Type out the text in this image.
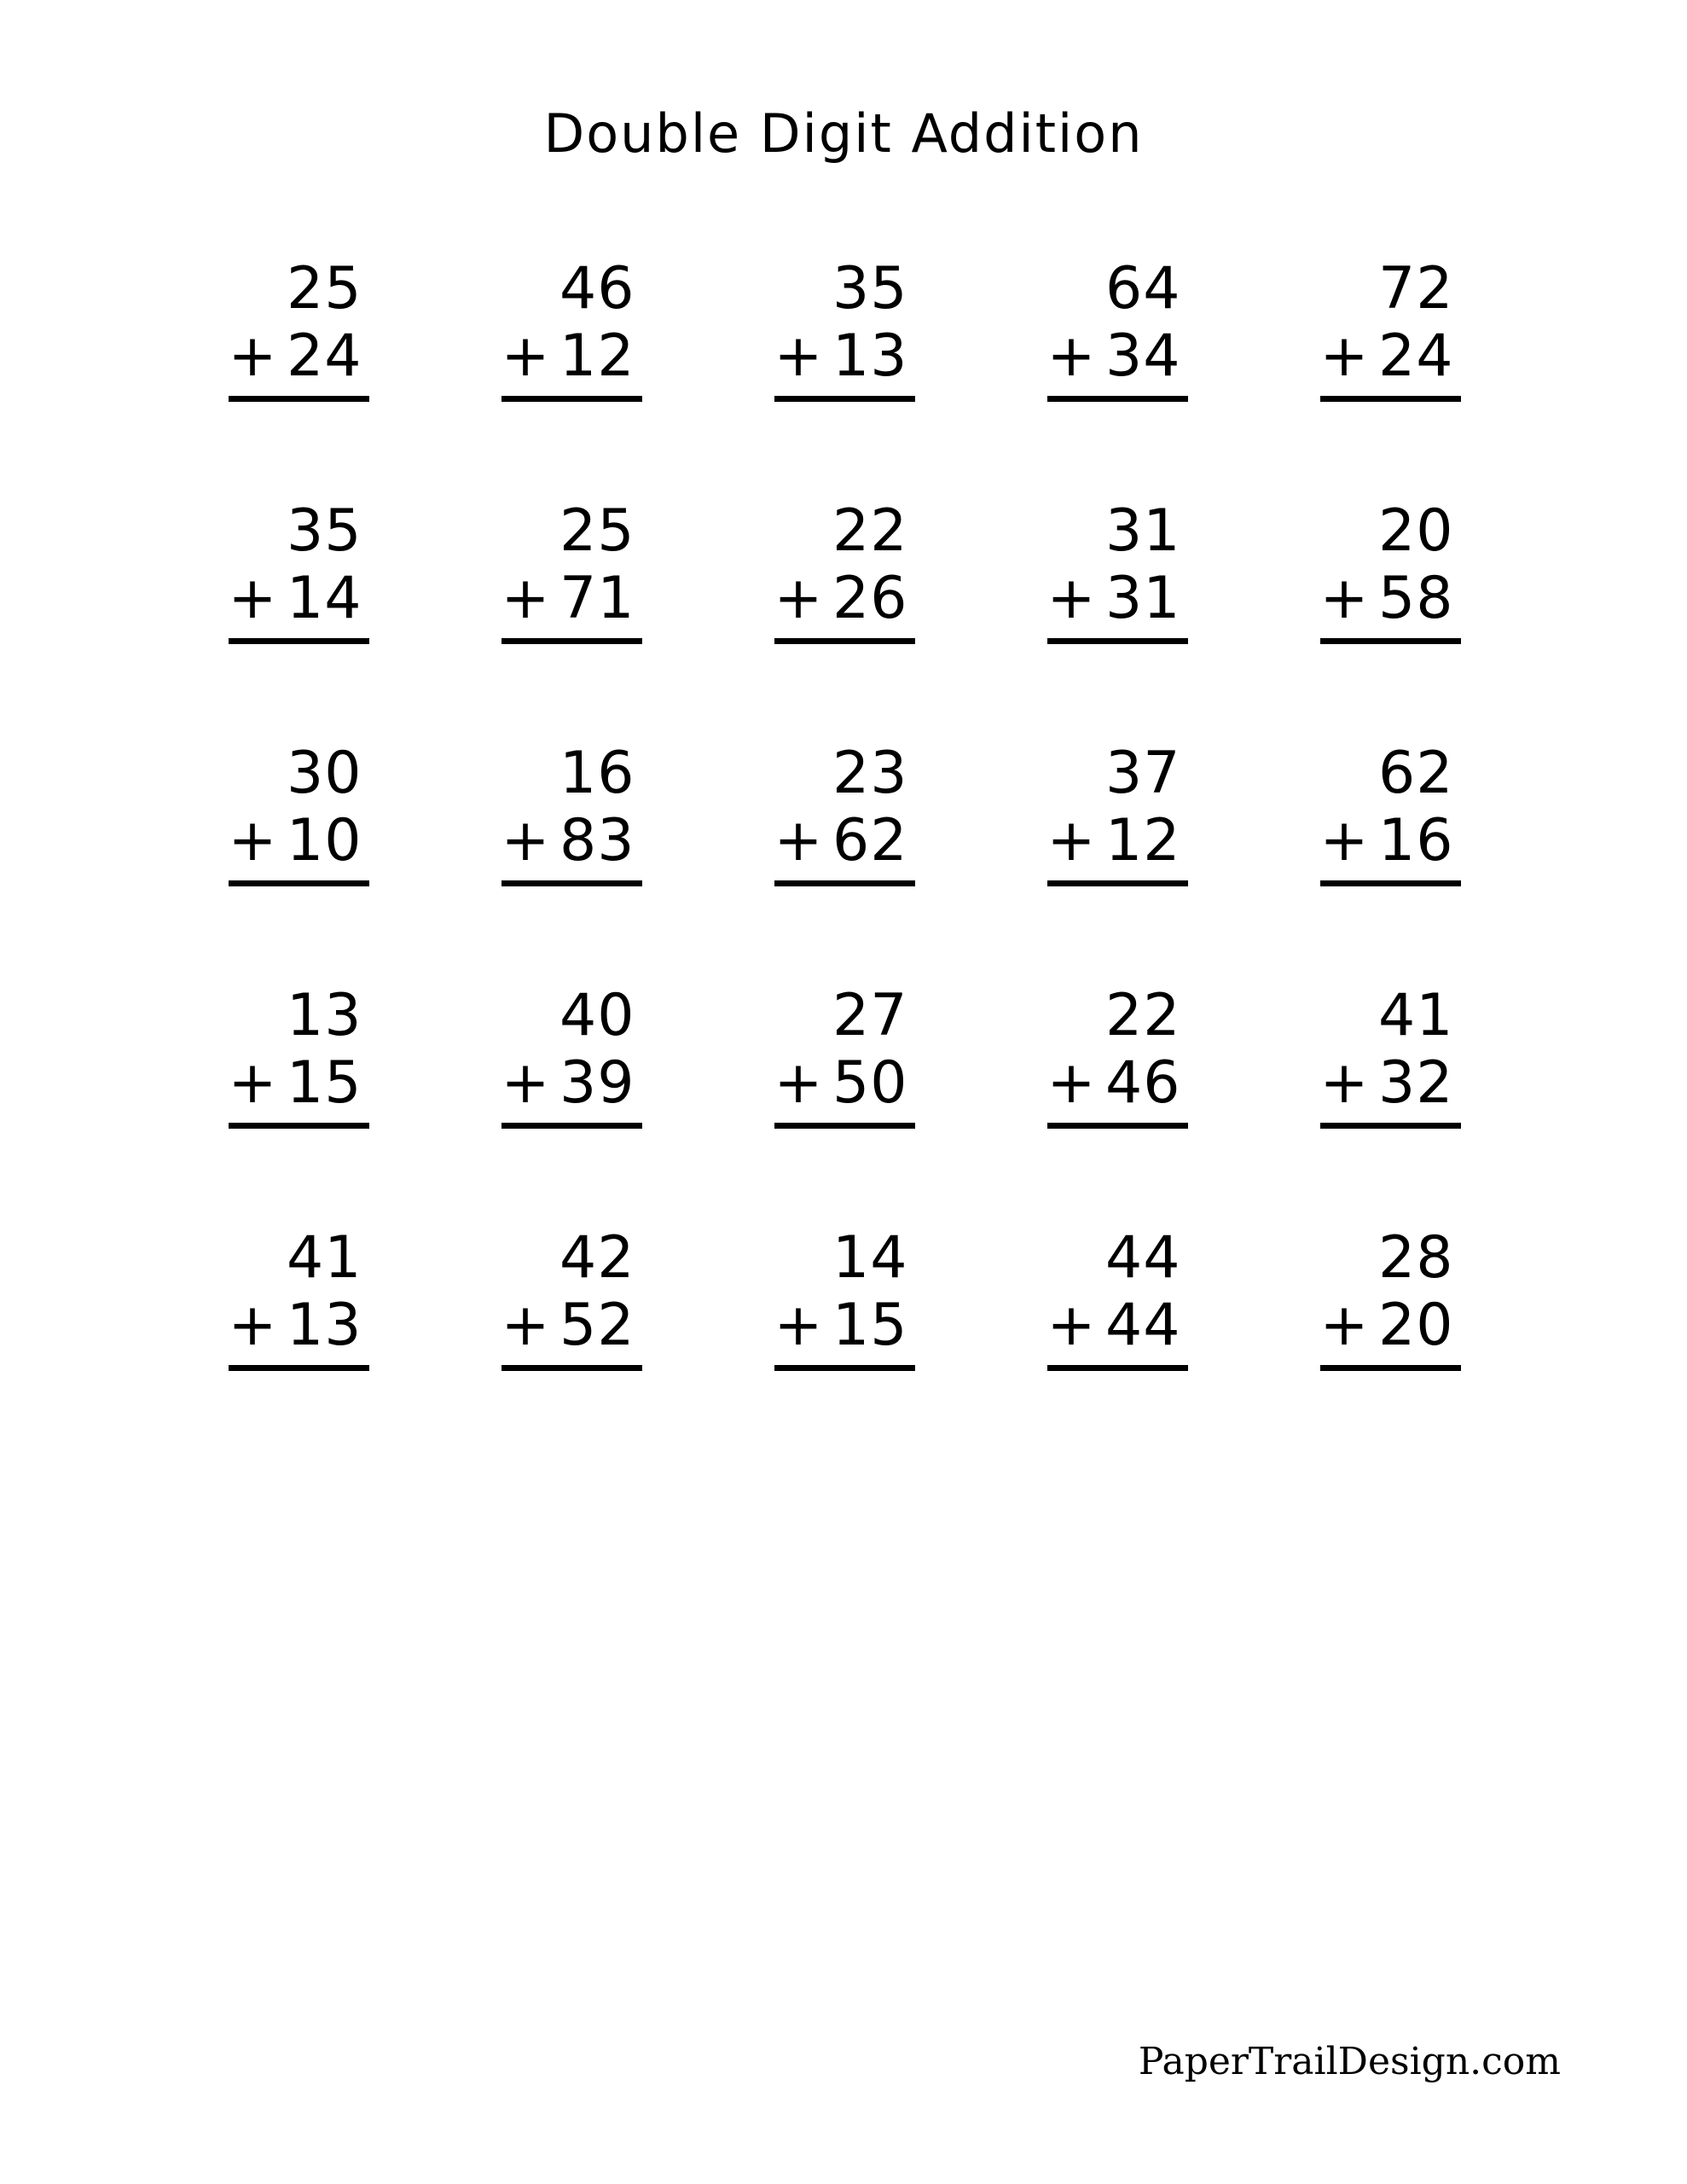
Double Digit Addition
25
+ 24
46
+ 12
35
+ 13
64
+ 34
72
+ 24
35
+ 14
25
+ 71
22
+ 26
31
+ 31
20
+ 58
30
+ 10
16
+ 83
23
+ 62
37
+ 12
62
+ 16
13
+ 15
40
+ 39
27
+ 50
22
+ 46
41
+ 32
41
+ 13
42
+ 52
14
+ 15
44
+ 44
28
+ 20
PaperTrailDesign.com
